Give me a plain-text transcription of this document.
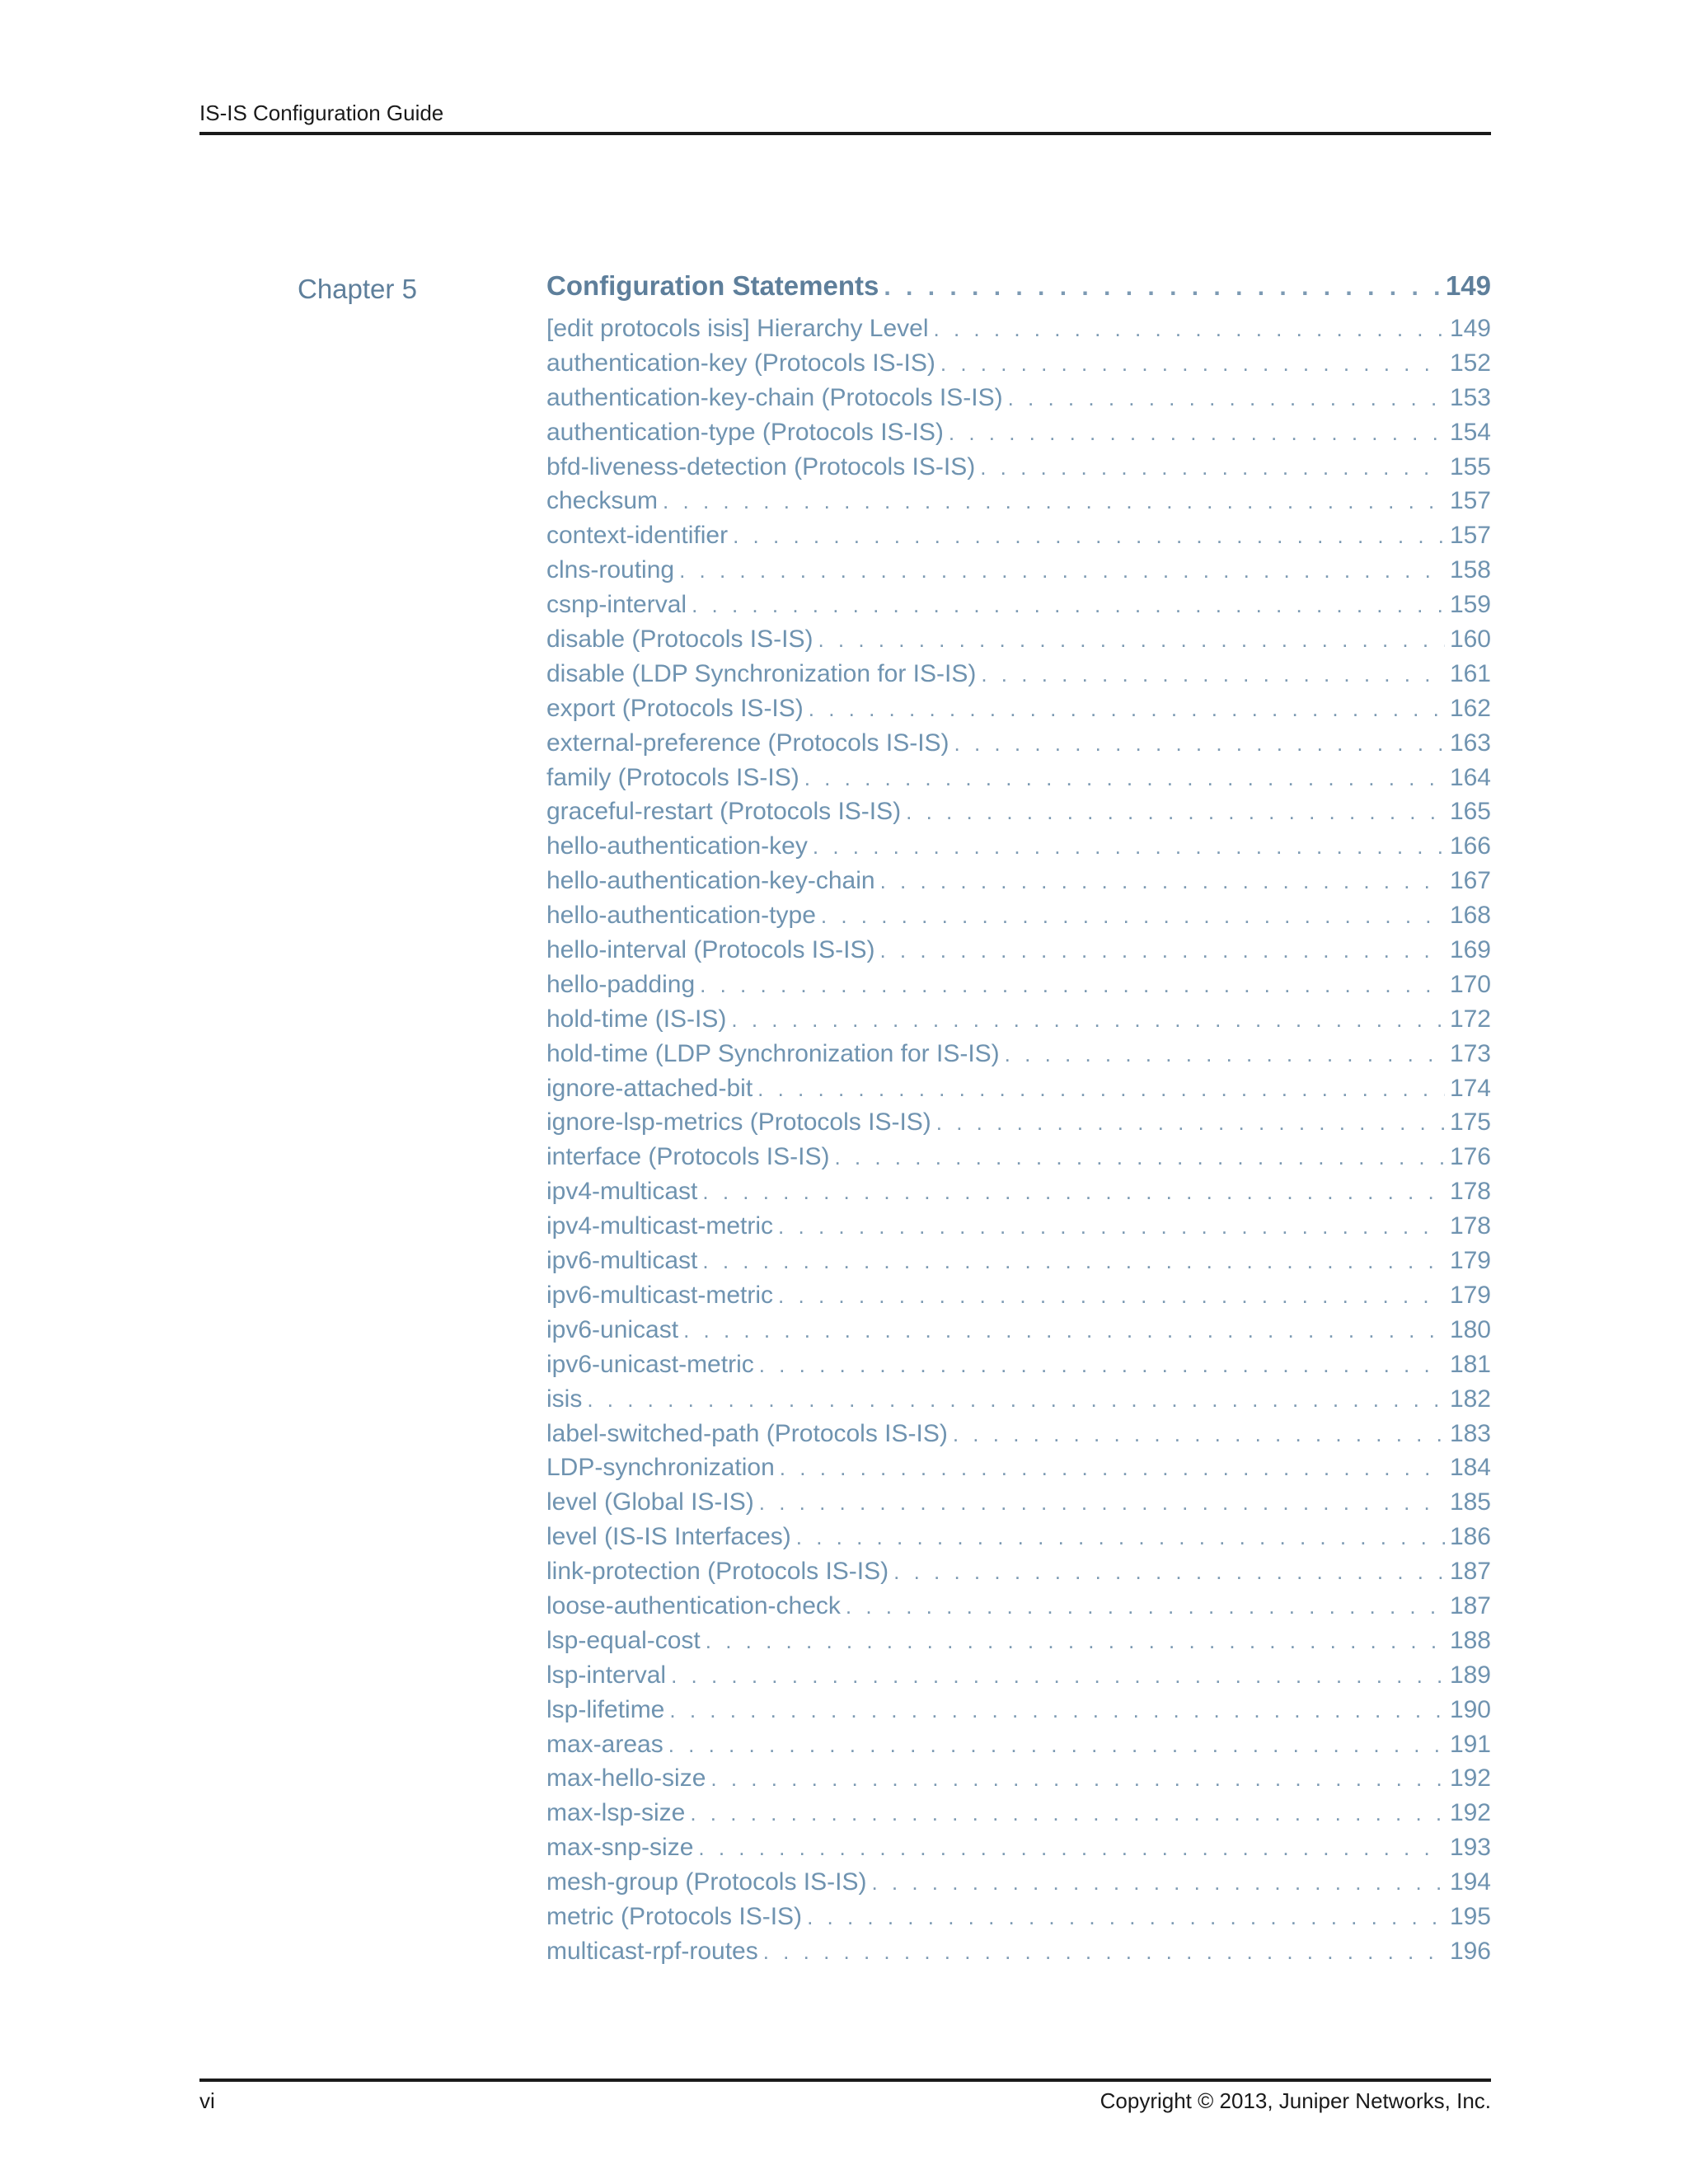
IS-IS Configuration Guide
Chapter 5	Configuration Statements . . .	149
[edit protocols isis] Hierarchy Level . . .	149
authentication-key (Protocols IS-IS) . . .	152
authentication-key-chain (Protocols IS-IS) . . .	153
authentication-type (Protocols IS-IS) . . .	154
bfd-liveness-detection (Protocols IS-IS) . . .	155
checksum . . .	157
context-identifier . . .	157
clns-routing . . .	158
csnp-interval . . .	159
disable (Protocols IS-IS) . . .	160
disable (LDP Synchronization for IS-IS) . . .	161
export (Protocols IS-IS) . . .	162
external-preference (Protocols IS-IS) . . .	163
family (Protocols IS-IS) . . .	164
graceful-restart (Protocols IS-IS) . . .	165
hello-authentication-key . . .	166
hello-authentication-key-chain . . .	167
hello-authentication-type . . .	168
hello-interval (Protocols IS-IS) . . .	169
hello-padding . . .	170
hold-time (IS-IS) . . .	172
hold-time (LDP Synchronization for IS-IS) . . .	173
ignore-attached-bit . . .	174
ignore-lsp-metrics (Protocols IS-IS) . . .	175
interface (Protocols IS-IS) . . .	176
ipv4-multicast . . .	178
ipv4-multicast-metric . . .	178
ipv6-multicast . . .	179
ipv6-multicast-metric . . .	179
ipv6-unicast . . .	180
ipv6-unicast-metric . . .	181
isis . . .	182
label-switched-path (Protocols IS-IS) . . .	183
LDP-synchronization . . .	184
level (Global IS-IS) . . .	185
level (IS-IS Interfaces) . . .	186
link-protection (Protocols IS-IS) . . .	187
loose-authentication-check . . .	187
lsp-equal-cost . . .	188
lsp-interval . . .	189
lsp-lifetime . . .	190
max-areas . . .	191
max-hello-size . . .	192
max-lsp-size . . .	192
max-snp-size . . .	193
mesh-group (Protocols IS-IS) . . .	194
metric (Protocols IS-IS) . . .	195
multicast-rpf-routes . . .	196
vi	Copyright © 2013, Juniper Networks, Inc.
